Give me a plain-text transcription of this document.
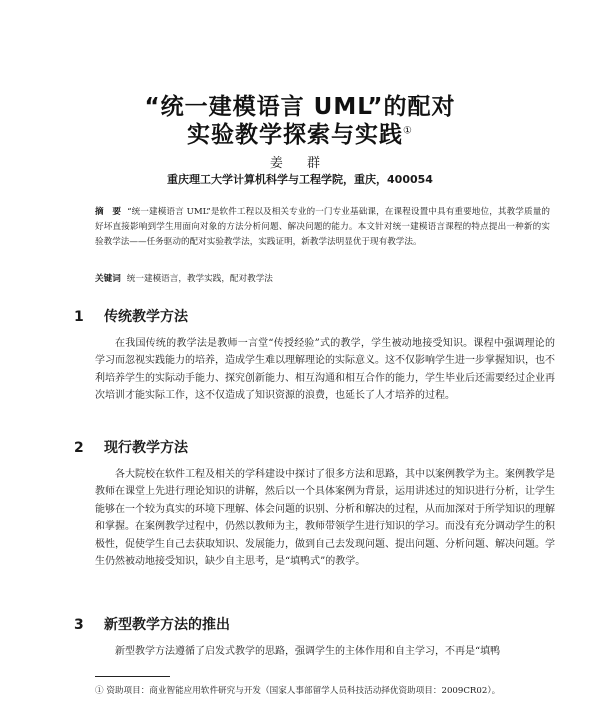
“统一建模语言 UML”的配对
实验教学探索与实践①
姜 群
重庆理工大学计算机科学与工程学院，重庆，400054
摘　要 “统一建模语言 UML”是软件工程以及相关专业的一门专业基础课，在课程设置中具有重要地位，其教学质量的好坏直接影响到学生用面向对象的方法分析问题、解决问题的能力。本文针对统一建模语言课程的特点提出一种新的实验教学法——任务驱动的配对实验教学法，实践证明，新教学法明显优于现有教学法。
关键词 统一建模语言，教学实践，配对教学法
1 传统教学方法
在我国传统的教学法是教师一言堂“传授经验”式的教学，学生被动地接受知识。课程中强调理论的学习而忽视实践能力的培养，造成学生难以理解理论的实际意义。这不仅影响学生进一步掌握知识，也不利培养学生的实际动手能力、探究创新能力、相互沟通和相互合作的能力，学生毕业后还需要经过企业再次培训才能实际工作，这不仅造成了知识资源的浪费，也延长了人才培养的过程。
2 现行教学方法
各大院校在软件工程及相关的学科建设中探讨了很多方法和思路，其中以案例教学为主。案例教学是教师在课堂上先进行理论知识的讲解，然后以一个具体案例为背景，运用讲述过的知识进行分析，让学生能够在一个较为真实的环境下理解、体会问题的识别、分析和解决的过程，从而加深对于所学知识的理解和掌握。在案例教学过程中，仍然以教师为主，教师带领学生进行知识的学习。而没有充分调动学生的积极性，促使学生自己去获取知识、发展能力，做到自己去发现问题、提出问题、分析问题、解决问题。学生仍然被动地接受知识，缺少自主思考，是“填鸭式”的教学。
3 新型教学方法的推出
新型教学方法遵循了启发式教学的思路，强调学生的主体作用和自主学习，不再是“填鸭
① 资助项目：商业智能应用软件研究与开发（国家人事部留学人员科技活动择优资助项目：2009CR02）。
